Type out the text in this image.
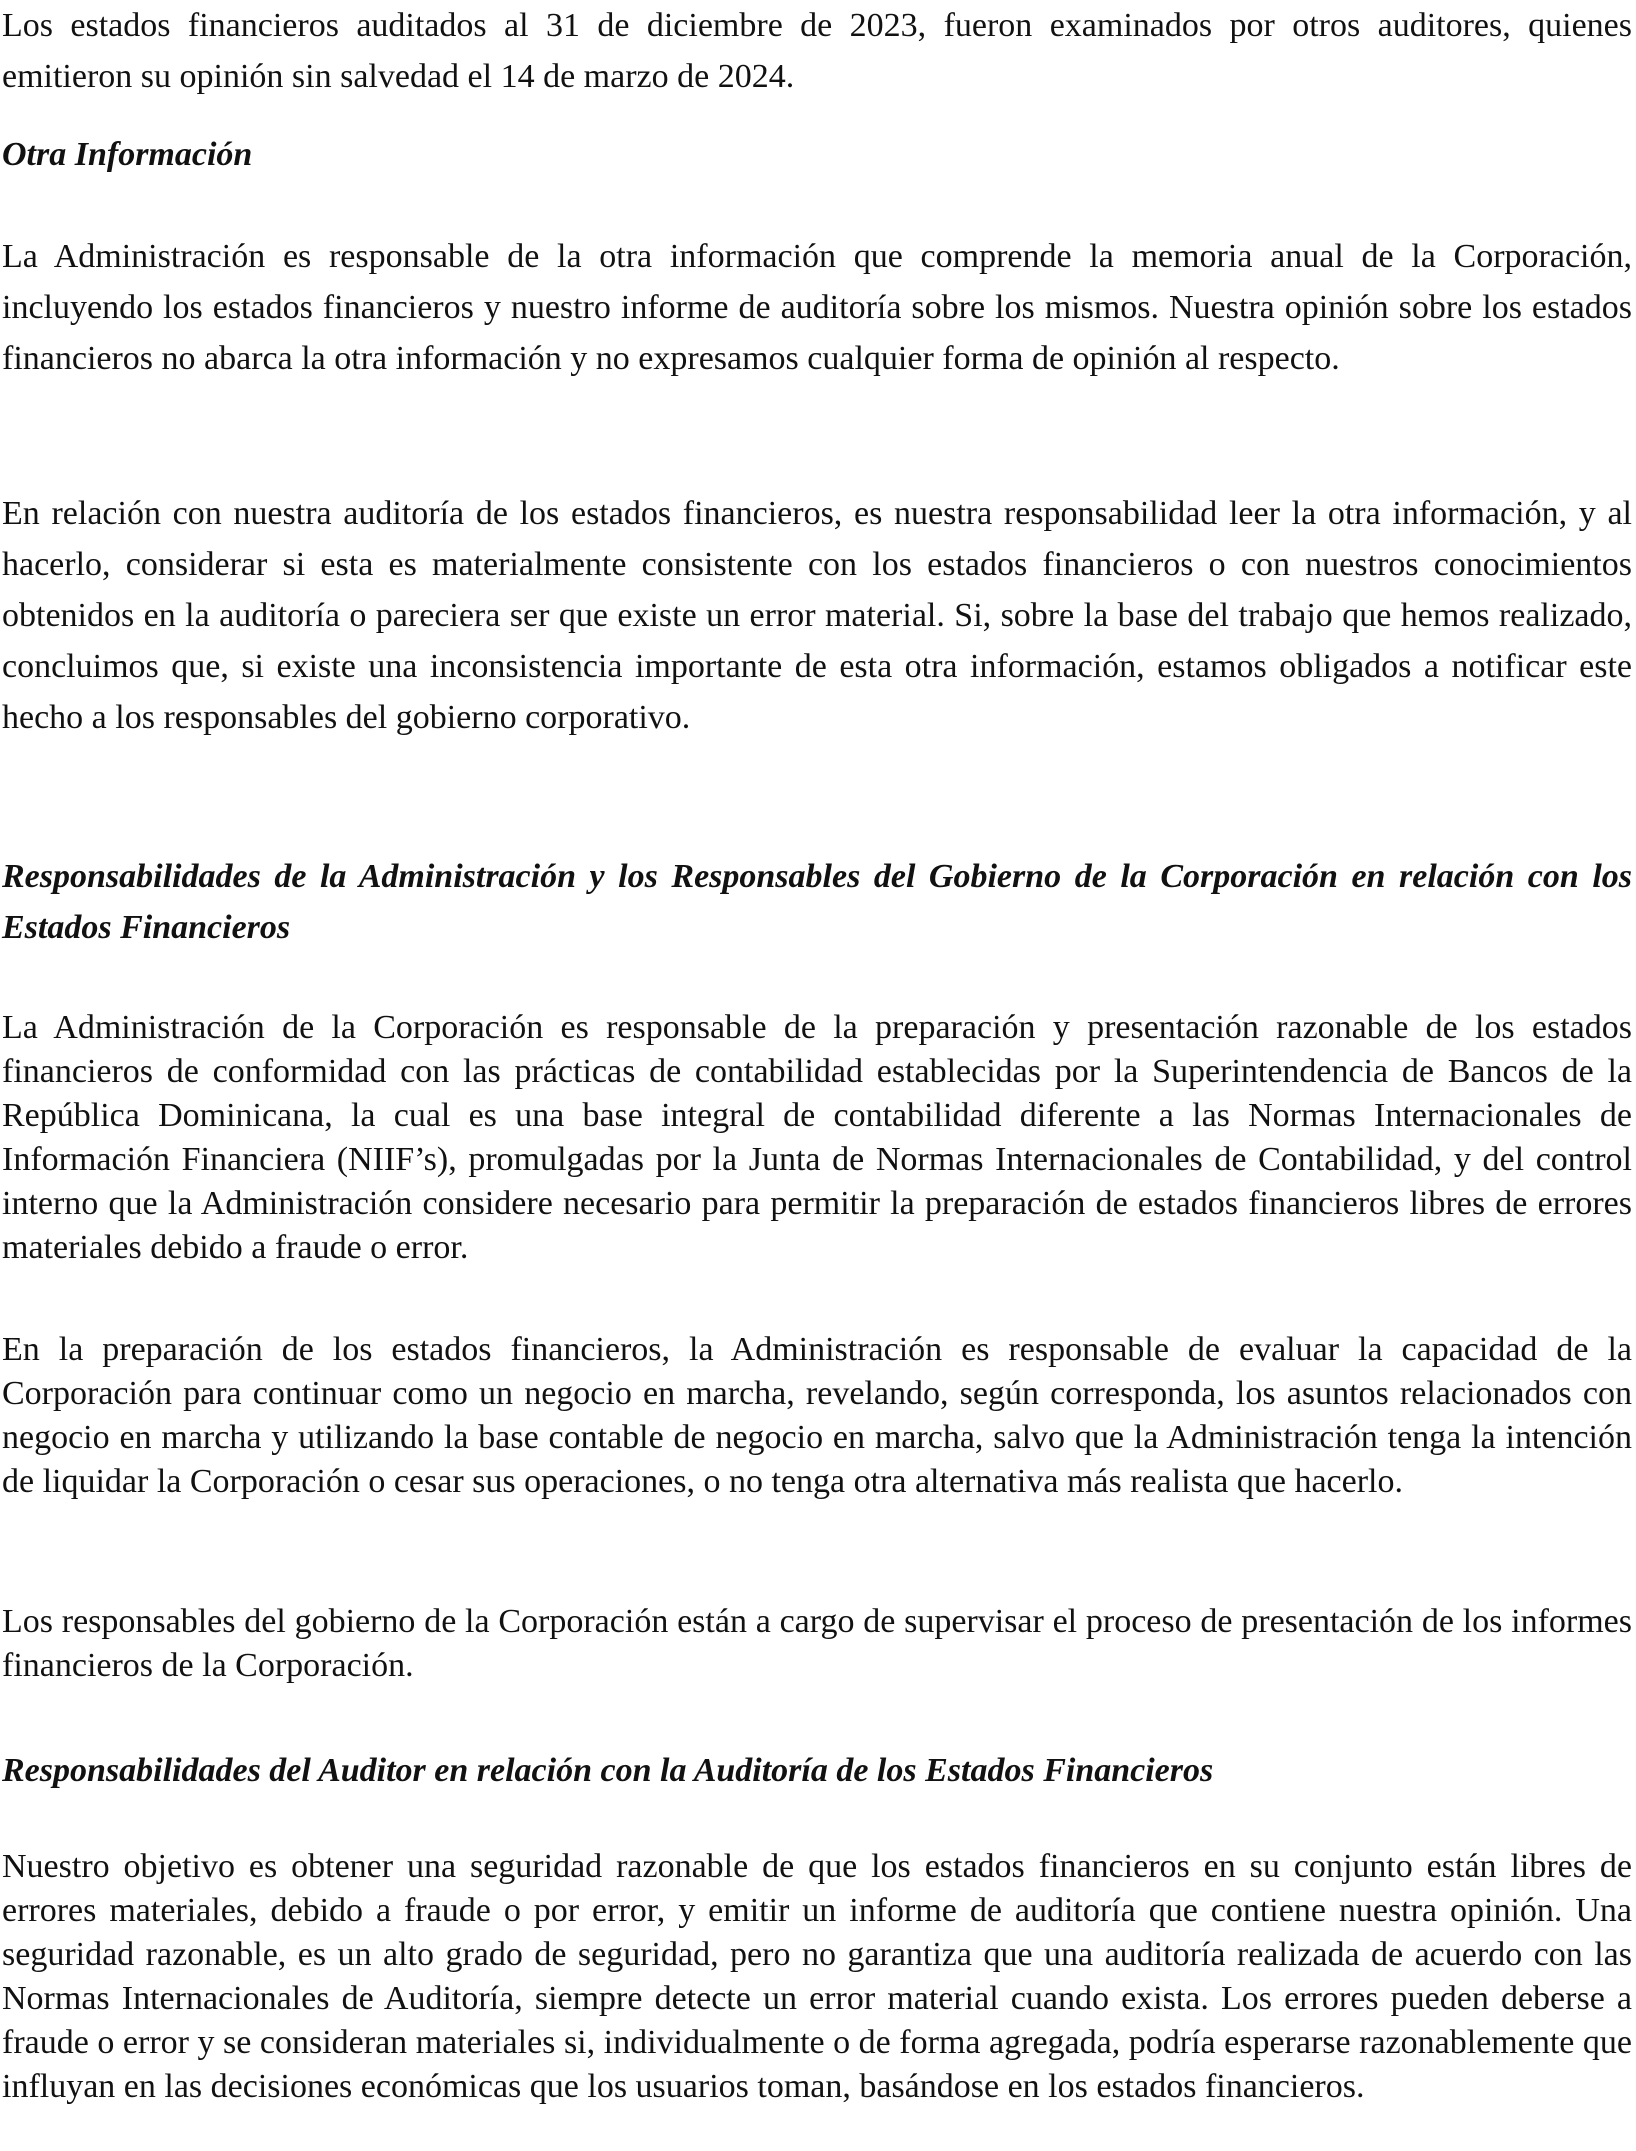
Los estados financieros auditados al 31 de diciembre de 2023, fueron examinados por otros auditores, quienes emitieron su opinión sin salvedad el 14 de marzo de 2024.

Otra Información

La Administración es responsable de la otra información que comprende la memoria anual de la Corporación, incluyendo los estados financieros y nuestro informe de auditoría sobre los mismos. Nuestra opinión sobre los estados financieros no abarca la otra información y no expresamos cualquier forma de opinión al respecto.

En relación con nuestra auditoría de los estados financieros, es nuestra responsabilidad leer la otra información, y al hacerlo, considerar si esta es materialmente consistente con los estados financieros o con nuestros conocimientos obtenidos en la auditoría o pareciera ser que existe un error material. Si, sobre la base del trabajo que hemos realizado, concluimos que, si existe una inconsistencia importante de esta otra información, estamos obligados a notificar este hecho a los responsables del gobierno corporativo.

Responsabilidades de la Administración y los Responsables del Gobierno de la Corporación en relación con los Estados Financieros

La Administración de la Corporación es responsable de la preparación y presentación razonable de los estados financieros de conformidad con las prácticas de contabilidad establecidas por la Superintendencia de Bancos de la República Dominicana, la cual es una base integral de contabilidad diferente a las Normas Internacionales de Información Financiera (NIIF’s), promulgadas por la Junta de Normas Internacionales de Contabilidad, y del control interno que la Administración considere necesario para permitir la preparación de estados financieros libres de errores materiales debido a fraude o error.

En la preparación de los estados financieros, la Administración es responsable de evaluar la capacidad de la Corporación para continuar como un negocio en marcha, revelando, según corresponda, los asuntos relacionados con negocio en marcha y utilizando la base contable de negocio en marcha, salvo que la Administración tenga la intención de liquidar la Corporación o cesar sus operaciones, o no tenga otra alternativa más realista que hacerlo.

Los responsables del gobierno de la Corporación están a cargo de supervisar el proceso de presentación de los informes financieros de la Corporación.

Responsabilidades del Auditor en relación con la Auditoría de los Estados Financieros

Nuestro objetivo es obtener una seguridad razonable de que los estados financieros en su conjunto están libres de errores materiales, debido a fraude o por error, y emitir un informe de auditoría que contiene nuestra opinión. Una seguridad razonable, es un alto grado de seguridad, pero no garantiza que una auditoría realizada de acuerdo con las Normas Internacionales de Auditoría, siempre detecte un error material cuando exista. Los errores pueden deberse a fraude o error y se consideran materiales si, individualmente o de forma agregada, podría esperarse razonablemente que influyan en las decisiones económicas que los usuarios toman, basándose en los estados financieros.
